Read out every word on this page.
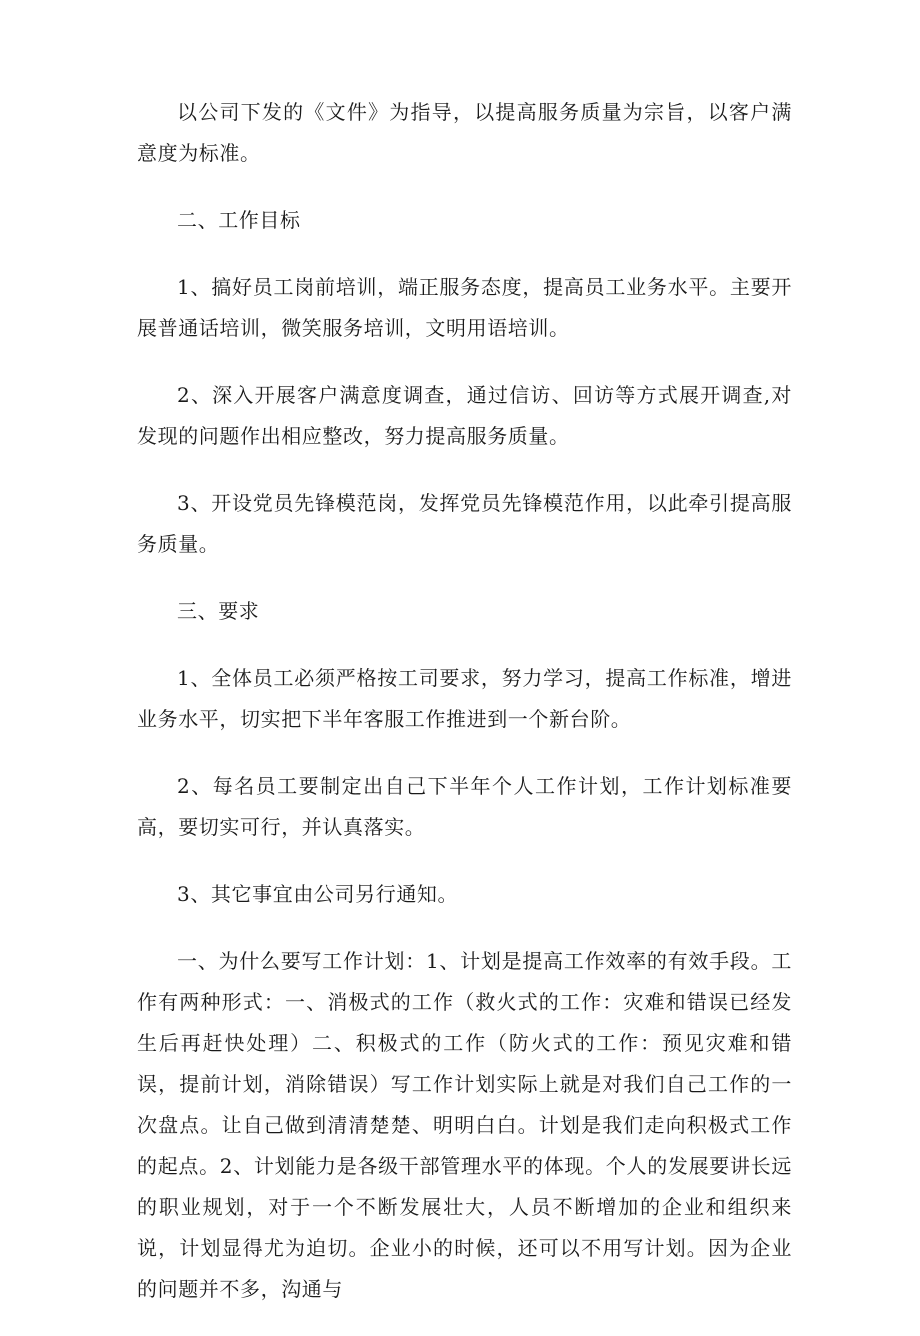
以公司下发的《文件》为指导，以提高服务质量为宗旨，以客户满意度为标准。

二、工作目标

1、搞好员工岗前培训，端正服务态度，提高员工业务水平。主要开展普通话培训，微笑服务培训，文明用语培训。

2、深入开展客户满意度调查，通过信访、回访等方式展开调查,对发现的问题作出相应整改，努力提高服务质量。

3、开设党员先锋模范岗，发挥党员先锋模范作用，以此牵引提高服务质量。

三、要求

1、全体员工必须严格按工司要求，努力学习，提高工作标准，增进业务水平，切实把下半年客服工作推进到一个新台阶。

2、每名员工要制定出自己下半年个人工作计划，工作计划标准要高，要切实可行，并认真落实。

3、其它事宜由公司另行通知。

一、为什么要写工作计划：1、计划是提高工作效率的有效手段。工作有两种形式：一、消极式的工作（救火式的工作：灾难和错误已经发生后再赶快处理）二、积极式的工作（防火式的工作：预见灾难和错误，提前计划，消除错误）写工作计划实际上就是对我们自己工作的一次盘点。让自己做到清清楚楚、明明白白。计划是我们走向积极式工作的起点。2、计划能力是各级干部管理水平的体现。个人的发展要讲长远的职业规划，对于一个不断发展壮大，人员不断增加的企业和组织来说，计划显得尤为迫切。企业小的时候，还可以不用写计划。因为企业的问题并不多，沟通与
